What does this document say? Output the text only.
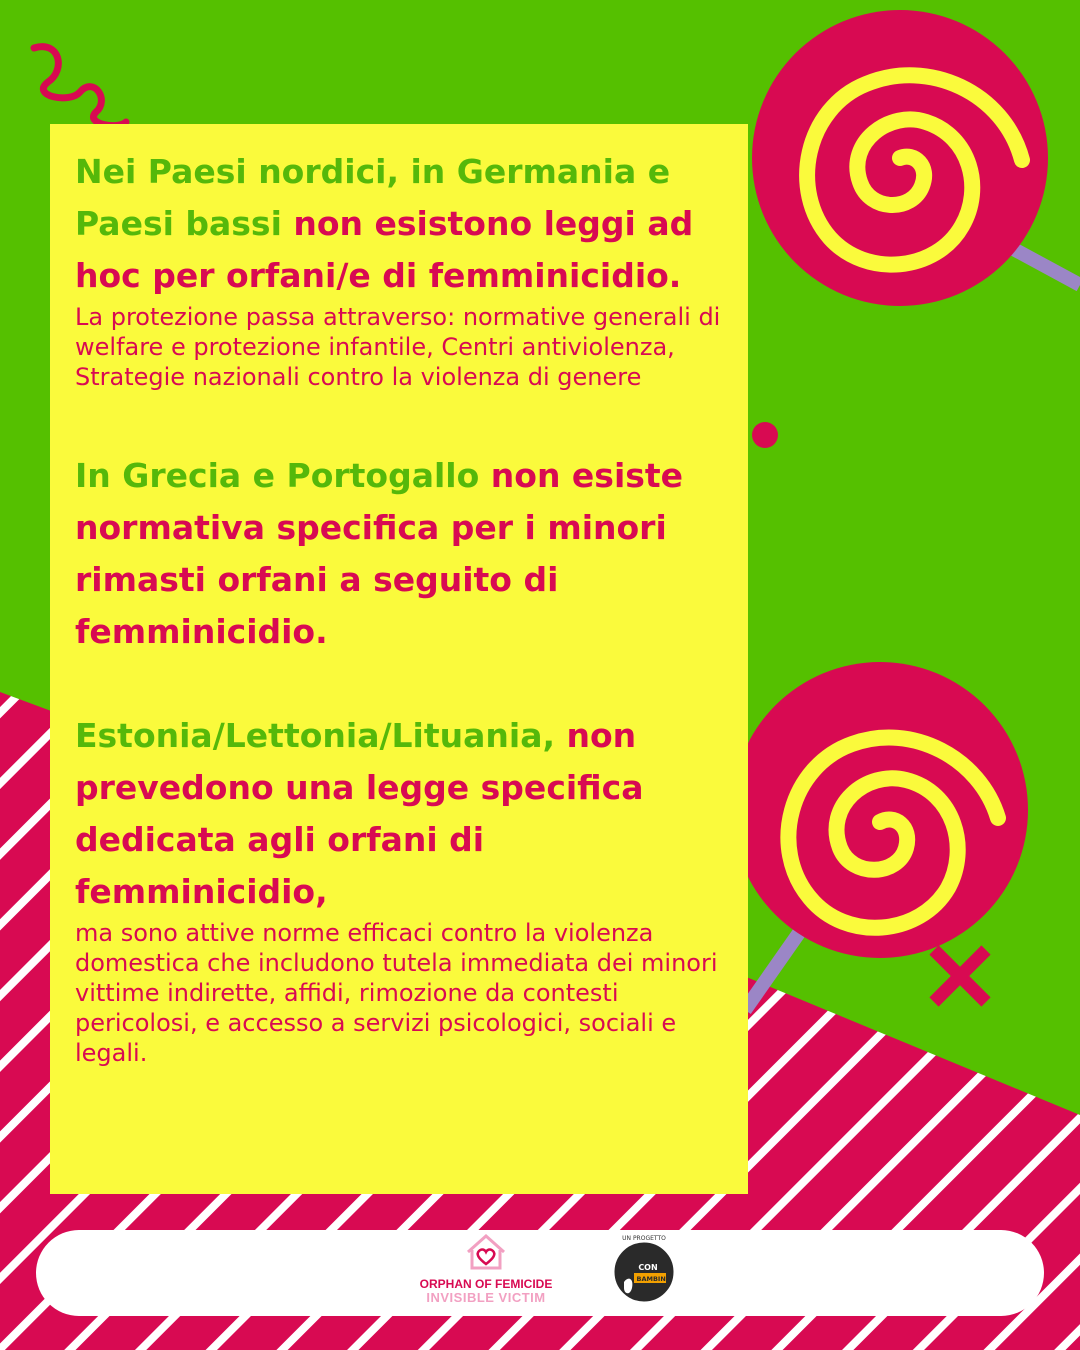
Nei Paesi nordici, in Germania e Paesi bassi non esistono leggi ad hoc per orfani/e di femminicidio.

La protezione passa attraverso: normative generali di welfare e protezione infantile, Centri antiviolenza, Strategie nazionali contro la violenza di genere

In Grecia e Portogallo non esiste normativa specifica per i minori rimasti orfani a seguito di femminicidio.

Estonia/Lettonia/Lituania, non prevedono una legge specifica dedicata agli orfani di femminicidio,

ma sono attive norme efficaci contro la violenza domestica che includono tutela immediata dei minori vittime indirette, affidi, rimozione da contesti pericolosi, e accesso a servizi psicologici, sociali e legali.

ORPHAN OF FEMICIDE
INVISIBLE VICTIM
UN PROGETTO
CON
I BAMBINI
